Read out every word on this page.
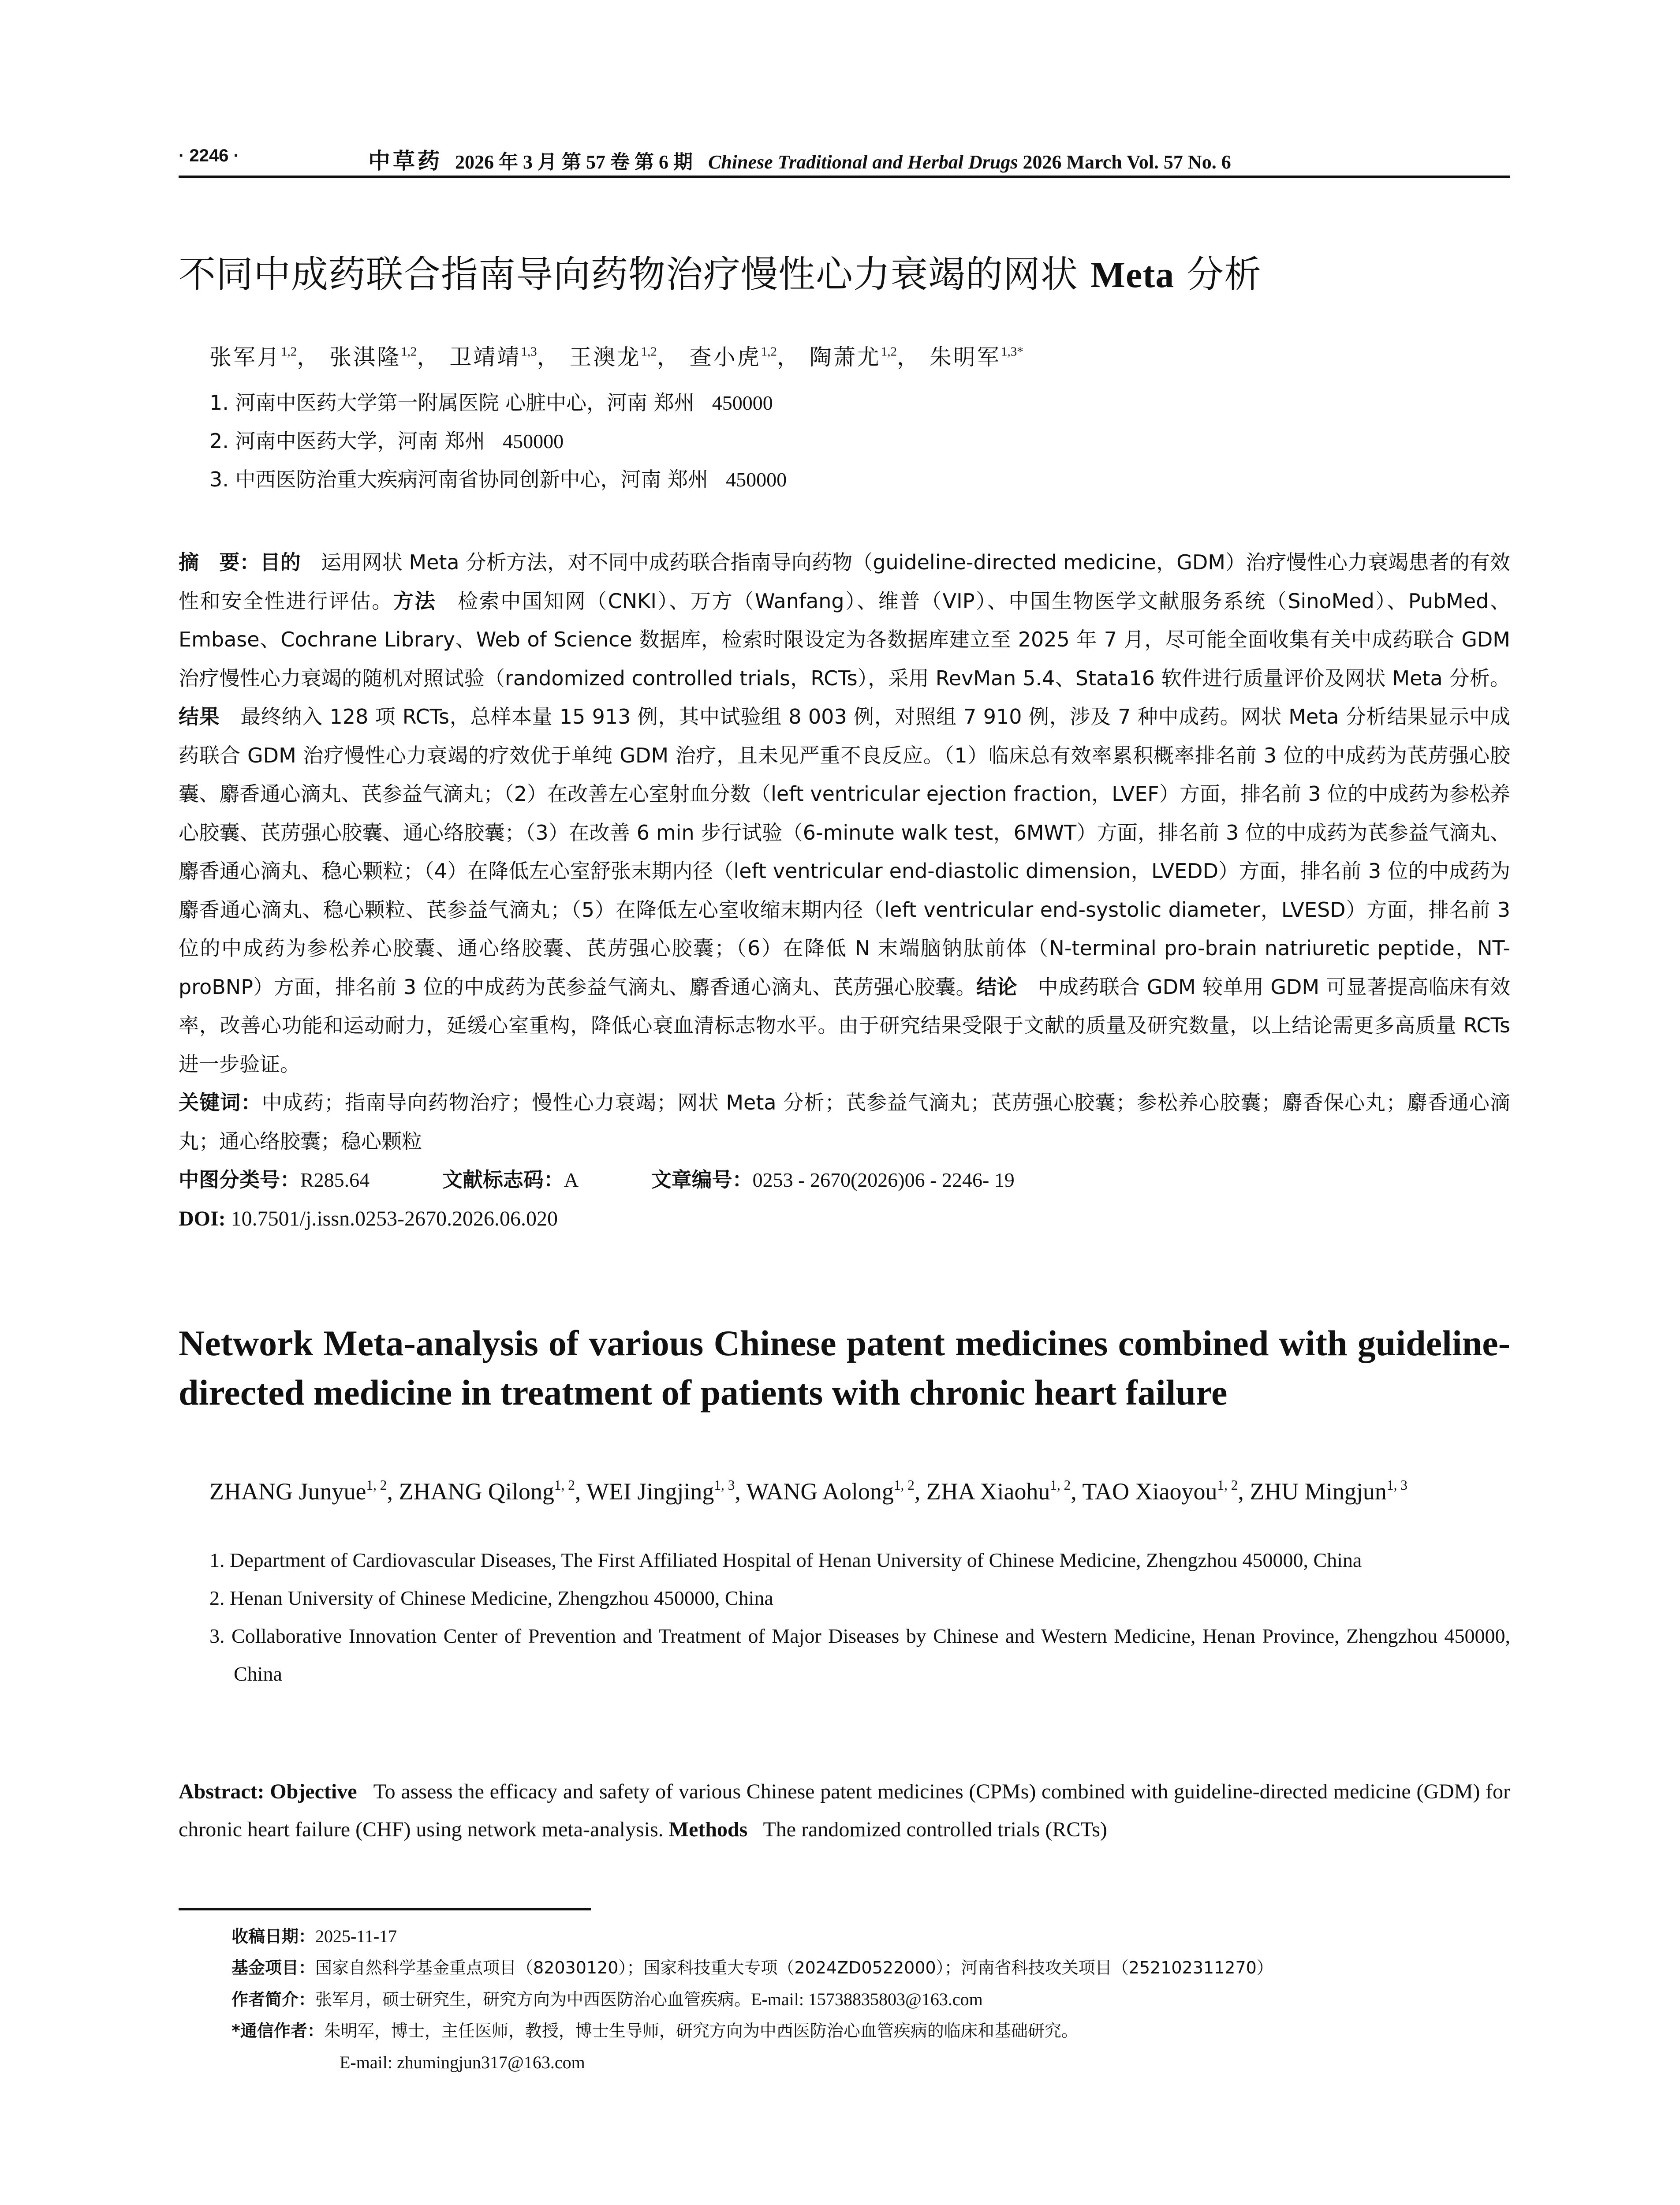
· 2246 ·	中草药 2026 年 3 月 第 57 卷 第 6 期 Chinese Traditional and Herbal Drugs 2026 March Vol. 57 No. 6
不同中成药联合指南导向药物治疗慢性心力衰竭的网状 Meta 分析
张军月$^{1,2}$， 张淇隆$^{1,2}$， 卫靖靖$^{1,3}$， 王澳龙$^{1,2}$， 查小虎$^{1,2}$， 陶萧尤$^{1,2}$， 朱明军$^{1,3*}$
1. 河南中医药大学第一附属医院 心脏中心，河南 郑州 450000
2. 河南中医药大学，河南 郑州 450000
3. 中西医防治重大疾病河南省协同创新中心，河南 郑州 450000

摘　要：目的　运用网状 Meta 分析方法，对不同中成药联合指南导向药物（guideline-directed medicine，GDM）治疗慢性心力衰竭患者的有效性和安全性进行评估。方法　检索中国知网（CNKI）、万方（Wanfang）、维普（VIP）、中国生物医学文献服务系统（SinoMed）、PubMed、Embase、Cochrane Library、Web of Science 数据库，检索时限设定为各数据库建立至 2025 年 7 月，尽可能全面收集有关中成药联合 GDM 治疗慢性心力衰竭的随机对照试验（randomized controlled trials，RCTs），采用 RevMan 5.4、Stata16 软件进行质量评价及网状 Meta 分析。结果　最终纳入 128 项 RCTs，总样本量 15 913 例，其中试验组 8 003 例，对照组 7 910 例，涉及 7 种中成药。网状 Meta 分析结果显示中成药联合 GDM 治疗慢性心力衰竭的疗效优于单纯 GDM 治疗，且未见严重不良反应。（1）临床总有效率累积概率排名前 3 位的中成药为芪苈强心胶囊、麝香通心滴丸、芪参益气滴丸；（2）在改善左心室射血分数（left ventricular ejection fraction，LVEF）方面，排名前 3 位的中成药为参松养心胶囊、芪苈强心胶囊、通心络胶囊；（3）在改善 6 min 步行试验（6-minute walk test，6MWT）方面，排名前 3 位的中成药为芪参益气滴丸、麝香通心滴丸、稳心颗粒；（4）在降低左心室舒张末期内径（left ventricular end-diastolic dimension，LVEDD）方面，排名前 3 位的中成药为麝香通心滴丸、稳心颗粒、芪参益气滴丸；（5）在降低左心室收缩末期内径（left ventricular end-systolic diameter，LVESD）方面，排名前 3 位的中成药为参松养心胶囊、通心络胶囊、芪苈强心胶囊；（6）在降低 N 末端脑钠肽前体（N-terminal pro-brain natriuretic peptide，NT-proBNP）方面，排名前 3 位的中成药为芪参益气滴丸、麝香通心滴丸、芪苈强心胶囊。结论　中成药联合 GDM 较单用 GDM 可显著提高临床有效率，改善心功能和运动耐力，延缓心室重构，降低心衰血清标志物水平。由于研究结果受限于文献的质量及研究数量，以上结论需更多高质量 RCTs 进一步验证。

关键词：中成药；指南导向药物治疗；慢性心力衰竭；网状 Meta 分析；芪参益气滴丸；芪苈强心胶囊；参松养心胶囊；麝香保心丸；麝香通心滴丸；通心络胶囊；稳心颗粒

中图分类号：R285.64	文献标志码：A	文章编号：0253 - 2670(2026)06 - 2246- 19

DOI: 10.7501/j.issn.0253-2670.2026.06.020

Network Meta-analysis of various Chinese patent medicines combined with guideline-directed medicine in treatment of patients with chronic heart failure
ZHANG Junyue$^{1, 2}$, ZHANG Qilong$^{1, 2}$, WEI Jingjing$^{1, 3}$, WANG Aolong$^{1, 2}$, ZHA Xiaohu$^{1, 2}$, TAO Xiaoyou$^{1, 2}$, ZHU Mingjun$^{1, 3}$
1. Department of Cardiovascular Diseases, The First Affiliated Hospital of Henan University of Chinese Medicine, Zhengzhou 450000, China
2. Henan University of Chinese Medicine, Zhengzhou 450000, China
3. Collaborative Innovation Center of Prevention and Treatment of Major Diseases by Chinese and Western Medicine, Henan Province, Zhengzhou 450000, China
Abstract: Objective To assess the efficacy and safety of various Chinese patent medicines (CPMs) combined with guideline-directed medicine (GDM) for chronic heart failure (CHF) using network meta-analysis. Methods The randomized controlled trials (RCTs)
收稿日期：2025-11-17
基金项目：国家自然科学基金重点项目（82030120）；国家科技重大专项（2024ZD0522000）；河南省科技攻关项目（252102311270）
作者简介：张军月，硕士研究生，研究方向为中西医防治心血管疾病。E-mail: 15738835803@163.com
*通信作者：朱明军，博士，主任医师，教授，博士生导师，研究方向为中西医防治心血管疾病的临床和基础研究。
E-mail: zhumingjun317@163.com
